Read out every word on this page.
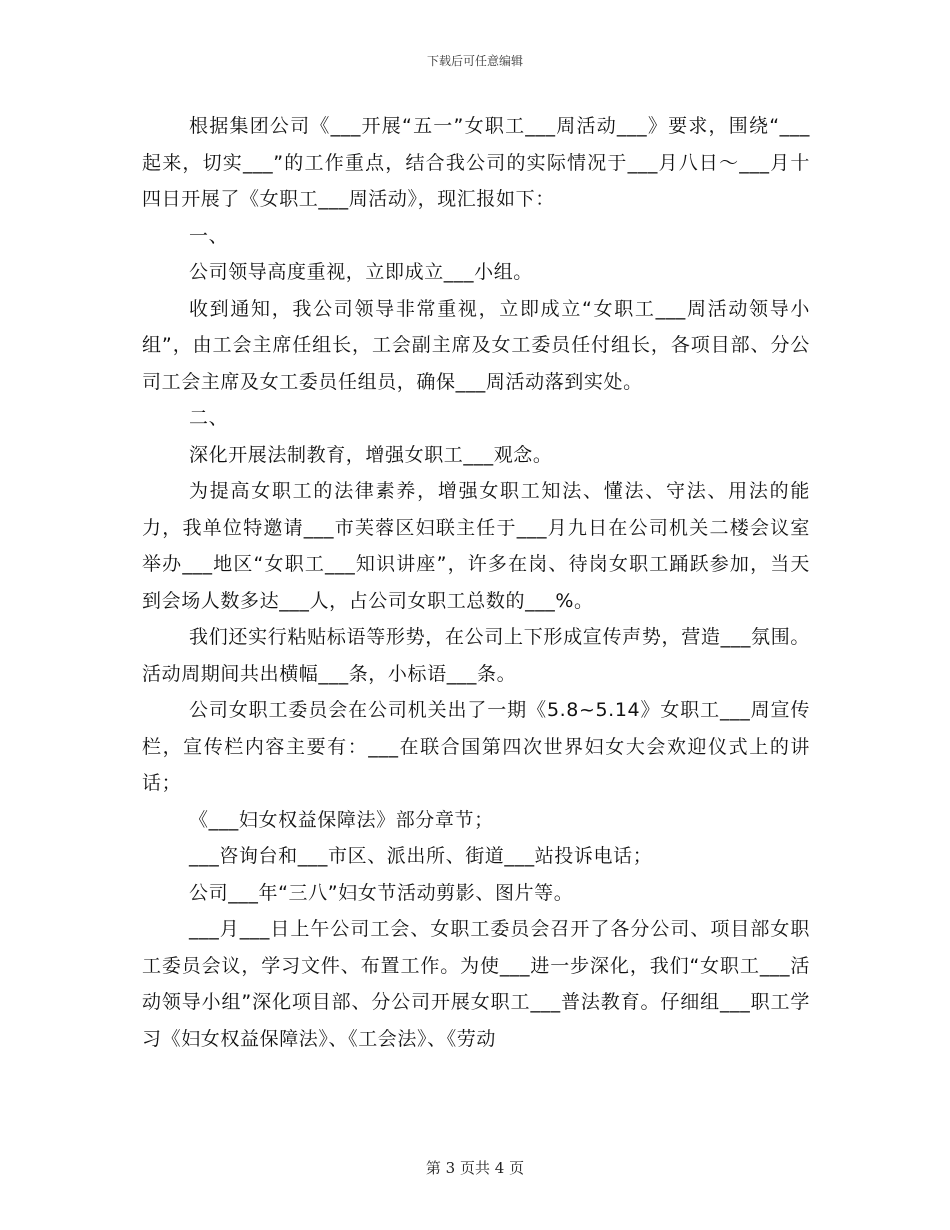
下载后可任意编辑

根据集团公司《___开展“五一”女职工___周活动___》要求，围绕“___起来，切实___”的工作重点，结合我公司的实际情况于___月八日～___月十四日开展了《女职工___周活动》，现汇报如下：

一、

公司领导高度重视，立即成立___小组。

收到通知，我公司领导非常重视，立即成立“女职工___周活动领导小组”，由工会主席任组长，工会副主席及女工委员任付组长，各项目部、分公司工会主席及女工委员任组员，确保___周活动落到实处。

二、

深化开展法制教育，增强女职工___观念。

为提高女职工的法律素养，增强女职工知法、懂法、守法、用法的能力，我单位特邀请___市芙蓉区妇联主任于___月九日在公司机关二楼会议室举办___地区“女职工___知识讲座”，许多在岗、待岗女职工踊跃参加，当天到会场人数多达___人，占公司女职工总数的___%。

我们还实行粘贴标语等形势，在公司上下形成宣传声势，营造___氛围。活动周期间共出横幅___条，小标语___条。

公司女职工委员会在公司机关出了一期《5.8~5.14》女职工___周宣传栏，宣传栏内容主要有：___在联合国第四次世界妇女大会欢迎仪式上的讲话；

《___妇女权益保障法》部分章节；

___咨询台和___市区、派出所、街道___站投诉电话；

公司___年“三八”妇女节活动剪影、图片等。

___月___日上午公司工会、女职工委员会召开了各分公司、项目部女职工委员会议，学习文件、布置工作。为使___进一步深化，我们“女职工___活动领导小组”深化项目部、分公司开展女职工___普法教育。仔细组___职工学习《妇女权益保障法》、《工会法》、《劳动

第 3 页共 4 页
